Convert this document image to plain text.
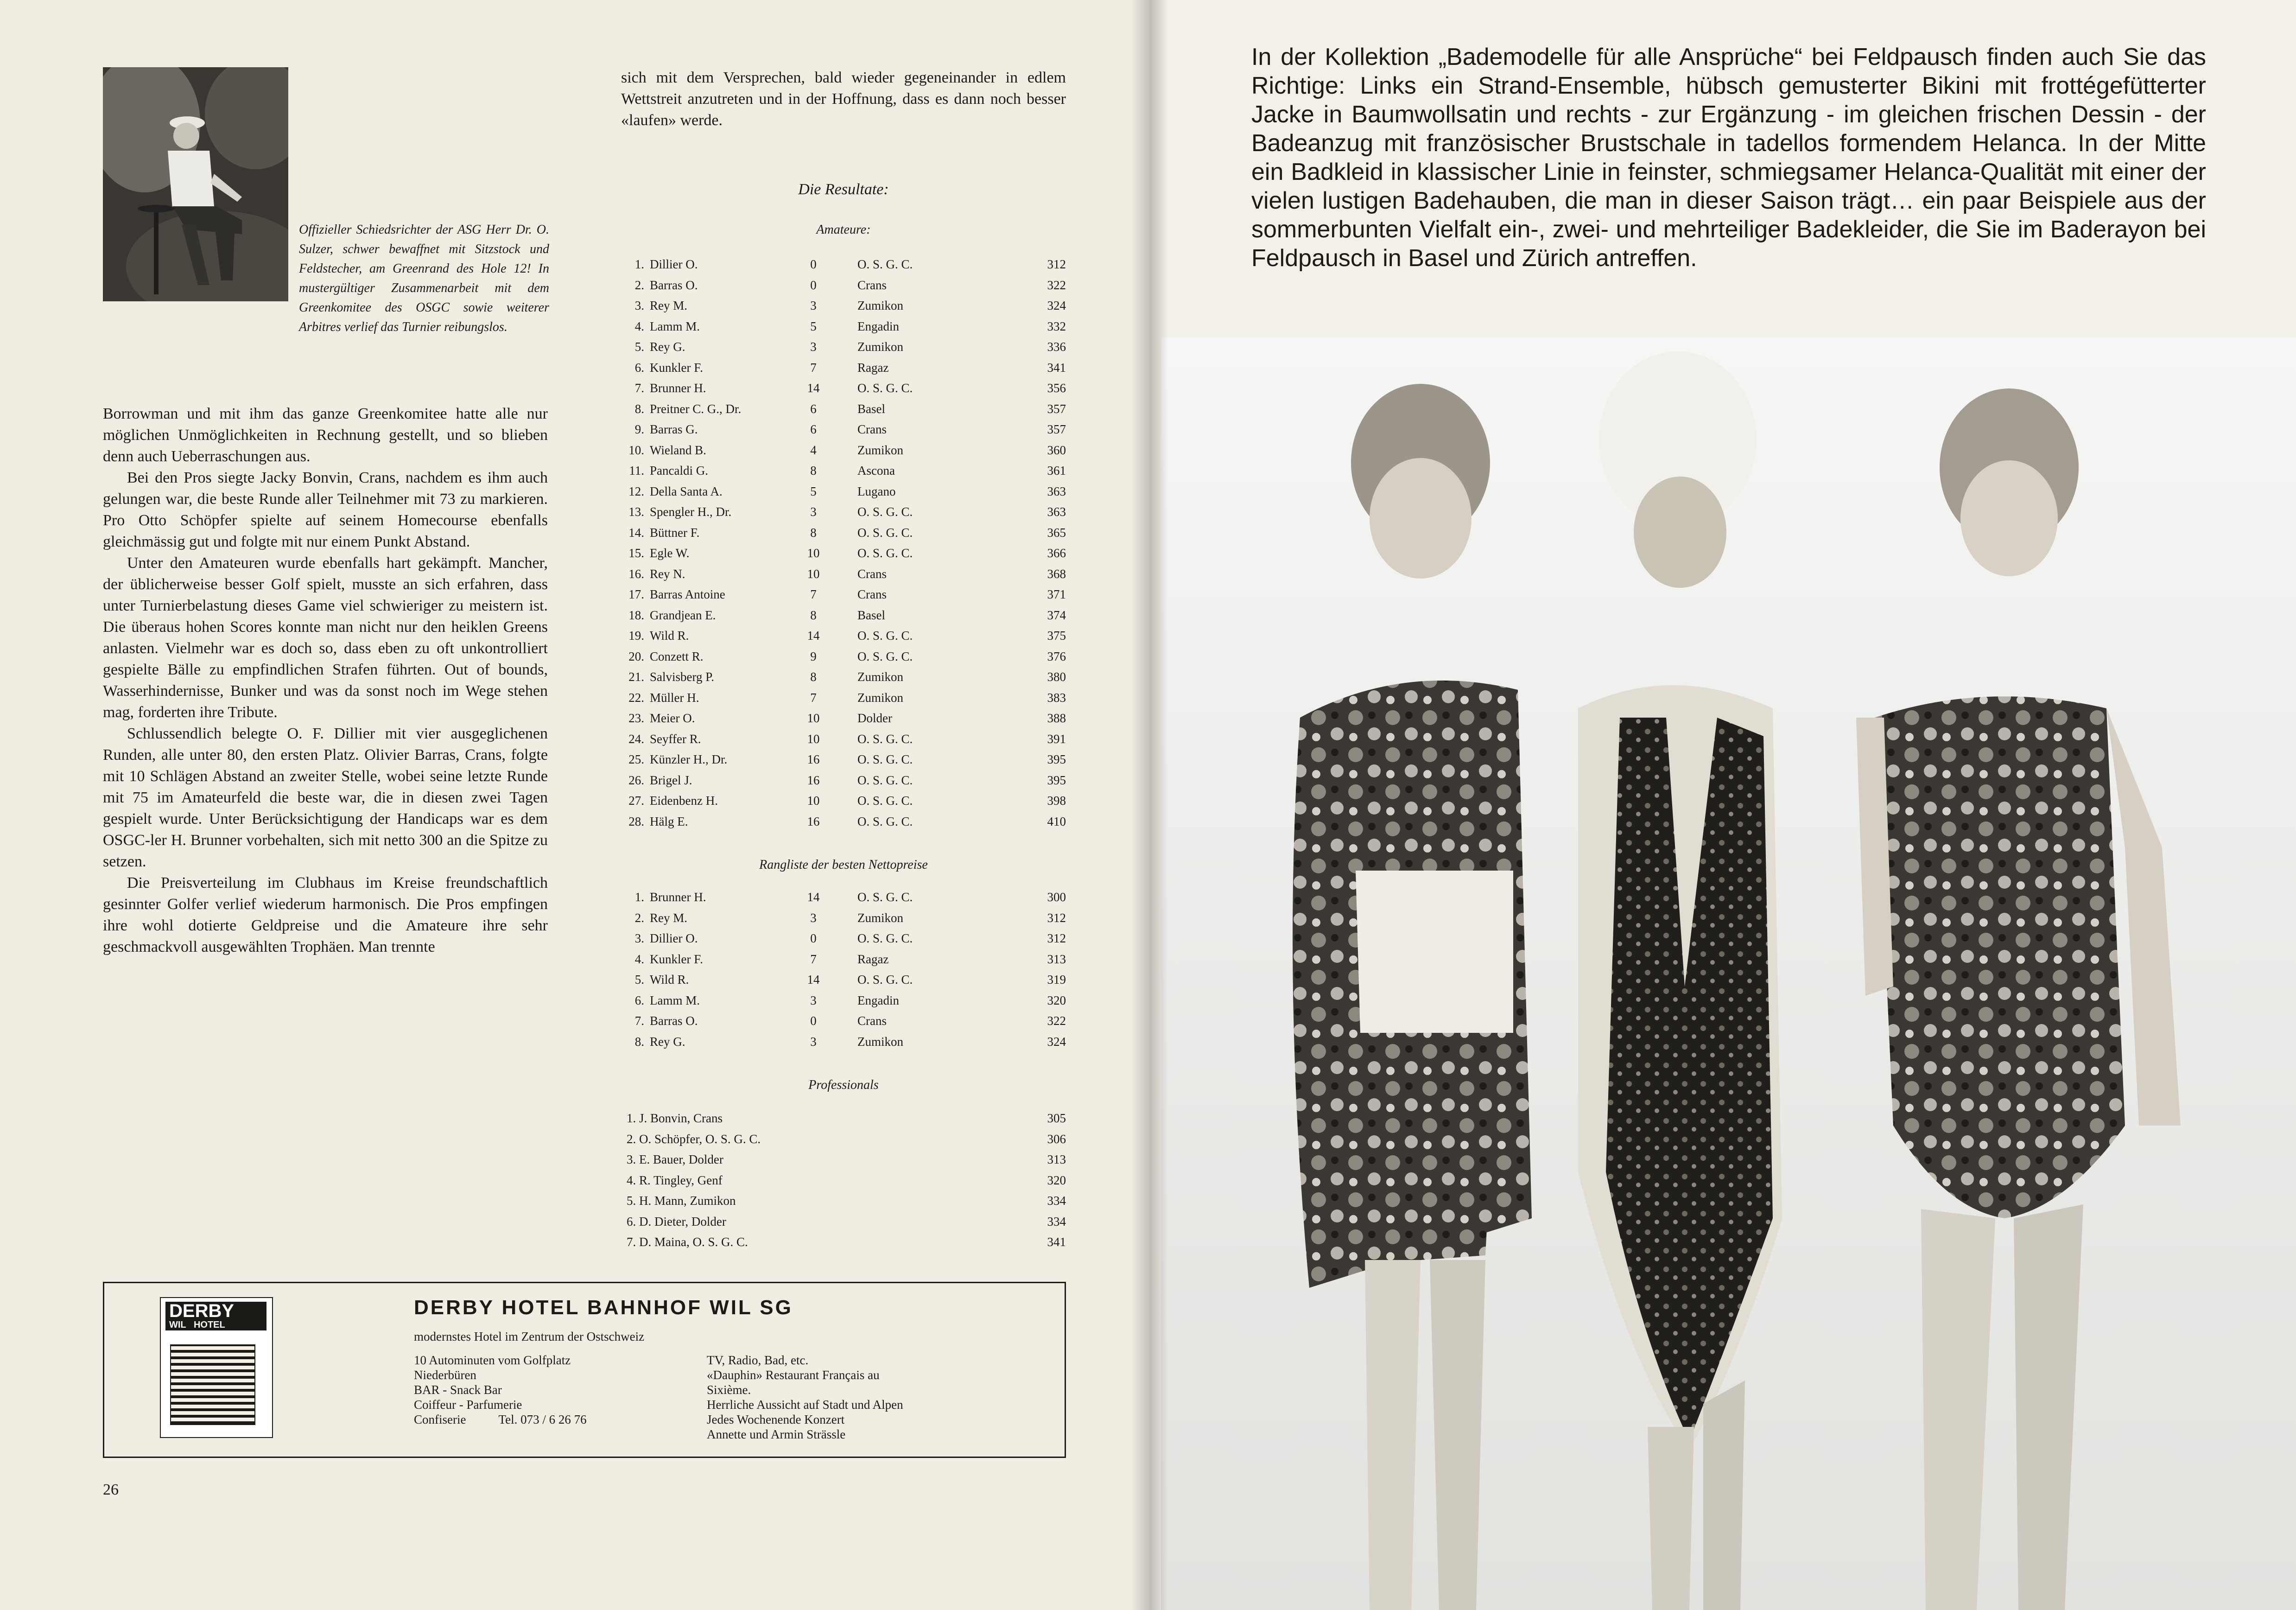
Offizieller Schiedsrichter der ASG Herr Dr. O. Sulzer, schwer bewaffnet mit Sitzstock und Feldstecher, am Greenrand des Hole 12! In mustergültiger Zusammenarbeit mit dem Greenkomitee des OSGC sowie weiterer Arbitres verlief das Turnier reibungslos.

Borrowman und mit ihm das ganze Greenkomitee hatte alle nur möglichen Unmöglichkeiten in Rechnung gestellt, und so blieben denn auch Ueberraschungen aus.

Bei den Pros siegte Jacky Bonvin, Crans, nachdem es ihm auch gelungen war, die beste Runde aller Teilnehmer mit 73 zu markieren. Pro Otto Schöpfer spielte auf seinem Homecourse ebenfalls gleichmässig gut und folgte mit nur einem Punkt Abstand.

Unter den Amateuren wurde ebenfalls hart gekämpft. Mancher, der üblicherweise besser Golf spielt, musste an sich erfahren, dass unter Turnierbelastung dieses Game viel schwieriger zu meistern ist. Die überaus hohen Scores konnte man nicht nur den heiklen Greens anlasten. Vielmehr war es doch so, dass eben zu oft unkontrolliert gespielte Bälle zu empfindlichen Strafen führten. Out of bounds, Wasserhindernisse, Bunker und was da sonst noch im Wege stehen mag, forderten ihre Tribute.

Schlussendlich belegte O. F. Dillier mit vier ausgeglichenen Runden, alle unter 80, den ersten Platz. Olivier Barras, Crans, folgte mit 10 Schlägen Abstand an zweiter Stelle, wobei seine letzte Runde mit 75 im Amateurfeld die beste war, die in diesen zwei Tagen gespielt wurde. Unter Berücksichtigung der Handicaps war es dem OSGC-ler H. Brunner vorbehalten, sich mit netto 300 an die Spitze zu setzen.

Die Preisverteilung im Clubhaus im Kreise freundschaftlich gesinnter Golfer verlief wiederum harmonisch. Die Pros empfingen ihre wohl dotierte Geldpreise und die Amateure ihre sehr geschmackvoll ausgewählten Trophäen. Man trennte

sich mit dem Versprechen, bald wieder gegeneinander in edlem Wettstreit anzutreten und in der Hoffnung, dass es dann noch besser «laufen» werde.
Die Resultate:
Amateure:
1. Dillier O.	0	O. S. G. C.	312
2. Barras O.	0	Crans	322
3. Rey M.	3	Zumikon	324
4. Lamm M.	5	Engadin	332
5. Rey G.	3	Zumikon	336
6. Kunkler F.	7	Ragaz	341
7. Brunner H.	14	O. S. G. C.	356
8. Preitner C. G., Dr.	6	Basel	357
9. Barras G.	6	Crans	357
10. Wieland B.	4	Zumikon	360
11. Pancaldi G.	8	Ascona	361
12. Della Santa A.	5	Lugano	363
13. Spengler H., Dr.	3	O. S. G. C.	363
14. Büttner F.	8	O. S. G. C.	365
15. Egle W.	10	O. S. G. C.	366
16. Rey N.	10	Crans	368
17. Barras Antoine	7	Crans	371
18. Grandjean E.	8	Basel	374
19. Wild R.	14	O. S. G. C.	375
20. Conzett R.	9	O. S. G. C.	376
21. Salvisberg P.	8	Zumikon	380
22. Müller H.	7	Zumikon	383
23. Meier O.	10	Dolder	388
24. Seyffer R.	10	O. S. G. C.	391
25. Künzler H., Dr.	16	O. S. G. C.	395
26. Brigel J.	16	O. S. G. C.	395
27. Eidenbenz H.	10	O. S. G. C.	398
28. Hälg E.	16	O. S. G. C.	410
Rangliste der besten Nettopreise
1. Brunner H.	14	O. S. G. C.	300
2. Rey M.	3	Zumikon	312
3. Dillier O.	0	O. S. G. C.	312
4. Kunkler F.	7	Ragaz	313
5. Wild R.	14	O. S. G. C.	319
6. Lamm M.	3	Engadin	320
7. Barras O.	0	Crans	322
8. Rey G.	3	Zumikon	324
Professionals
1. J. Bonvin, Crans	305
2. O. Schöpfer, O. S. G. C.	306
3. E. Bauer, Dolder	313
4. R. Tingley, Genf	320
5. H. Mann, Zumikon	334
6. D. Dieter, Dolder	334
7. D. Maina, O. S. G. C.	341
DERBY
WIL HOTEL
DERBY HOTEL BAHNHOF WIL SG
modernstes Hotel im Zentrum der Ostschweiz
10 Autominuten vom Golfplatz
Niederbüren
BAR - Snack Bar
Coiffeur - Parfumerie
Confiserie	Tel. 073 / 6 26 76
TV, Radio, Bad, etc.
«Dauphin» Restaurant Français au
Sixième.
Herrliche Aussicht auf Stadt und Alpen
Jedes Wochenende Konzert
Annette und Armin Strässle
26
In der Kollektion „Bademodelle für alle Ansprüche“ bei Feldpausch finden auch Sie das Richtige: Links ein Strand-Ensemble, hübsch gemusterter Bikini mit frottégefütterter Jacke in Baumwollsatin und rechts - zur Ergänzung - im gleichen frischen Dessin - der Badeanzug mit französischer Brustschale in tadellos formendem Helanca. In der Mitte ein Badkleid in klassischer Linie in feinster, schmiegsamer Helanca-Qualität mit einer der vielen lustigen Badehauben, die man in dieser Saison trägt… ein paar Beispiele aus der sommerbunten Vielfalt ein-, zwei- und mehrteiliger Badekleider, die Sie im Baderayon bei Feldpausch in Basel und Zürich antreffen.
